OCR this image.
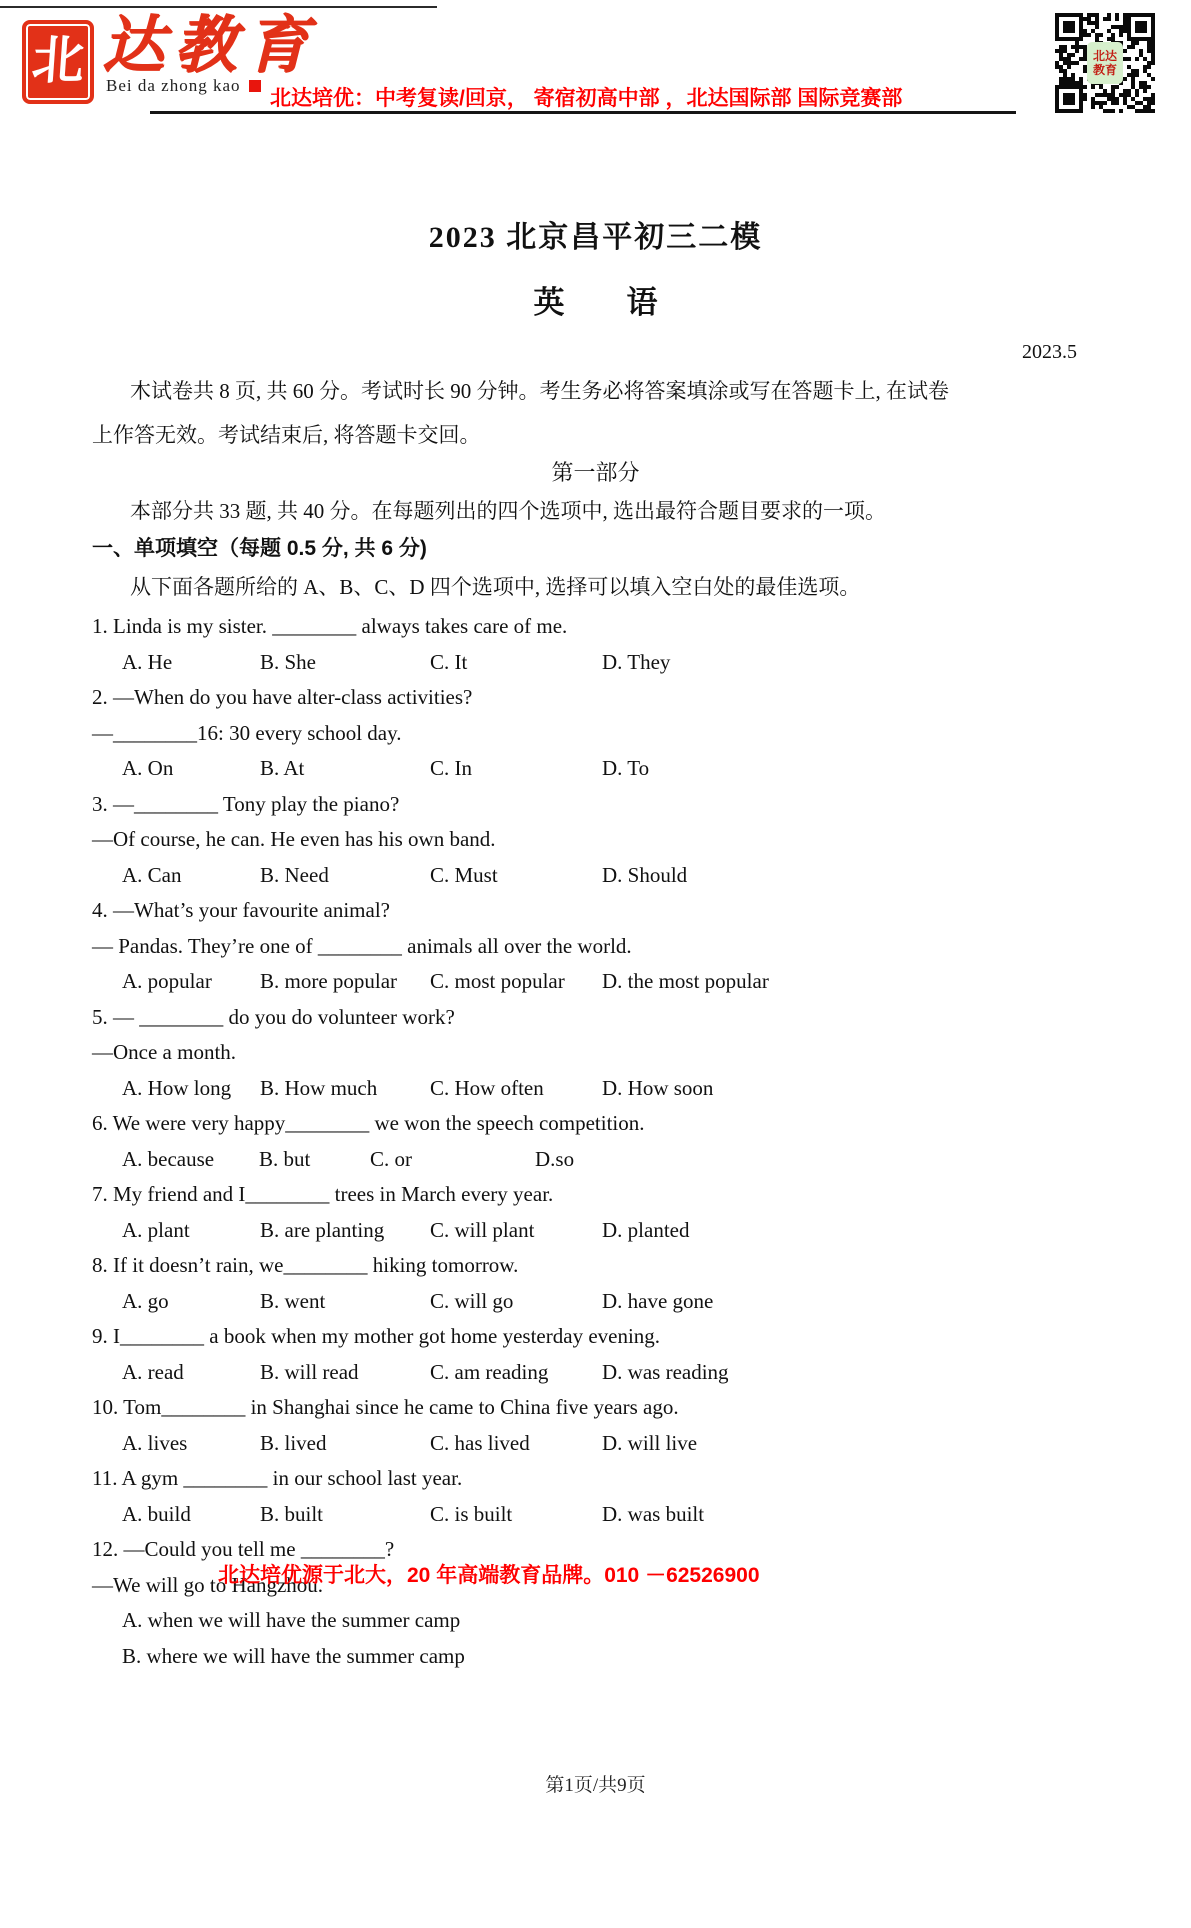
北 达教育
Bei da zhong kao
北达培优：中考复读/回京， 寄宿初高中部 ，北达国际部 国际竞赛部
北达
教育
2023 北京昌平初三二模
英　　语
2023.5

木试卷共 8 页, 共 60 分。考试时长 90 分钟。考生务必将答案填涂或写在答题卡上, 在试卷

上作答无效。考试结束后, 将答题卡交回。

第一部分

本部分共 33 题, 共 40 分。在每题列出的四个选项中, 选出最符合题目要求的一项。

一、单项填空（每题 0.5 分, 共 6 分)

从下面各题所给的 A、B、C、D 四个选项中, 选择可以填入空白处的最佳选项。

1. Linda is my sister. ________ always takes care of me.
A. He	B. She	C. It	D. They
2. —When do you have alter-class activities?
—________16: 30 every school day.
A. On	B. At	C. In	D. To
3. —________ Tony play the piano?
—Of course, he can. He even has his own band.
A. Can	B. Need	C. Must	D. Should
4. —What’s your favourite animal?
— Pandas. They’re one of ________ animals all over the world.
A. popular	B. more popular	C. most popular	D. the most popular
5. — ________ do you do volunteer work?
—Once a month.
A. How long	B. How much	C. How often	D. How soon
6. We were very happy________ we won the speech competition.
A. because	B. but	C. or	D.so
7. My friend and I________ trees in March every year.
A. plant	B. are planting	C. will plant	D. planted
8. If it doesn’t rain, we________ hiking tomorrow.
A. go	B. went	C. will go	D. have gone
9. I________ a book when my mother got home yesterday evening.
A. read	B. will read	C. am reading	D. was reading
10. Tom________ in Shanghai since he came to China five years ago.
A. lives	B. lived	C. has lived	D. will live
11. A gym ________ in our school last year.
A. build	B. built	C. is built	D. was built
12. —Could you tell me ________?
—We will go to Hangzhou.
A. when we will have the summer camp
B. where we will have the summer camp
北达培优源于北大，20 年高端教育品牌。010 －62526900
第1页/共9页
